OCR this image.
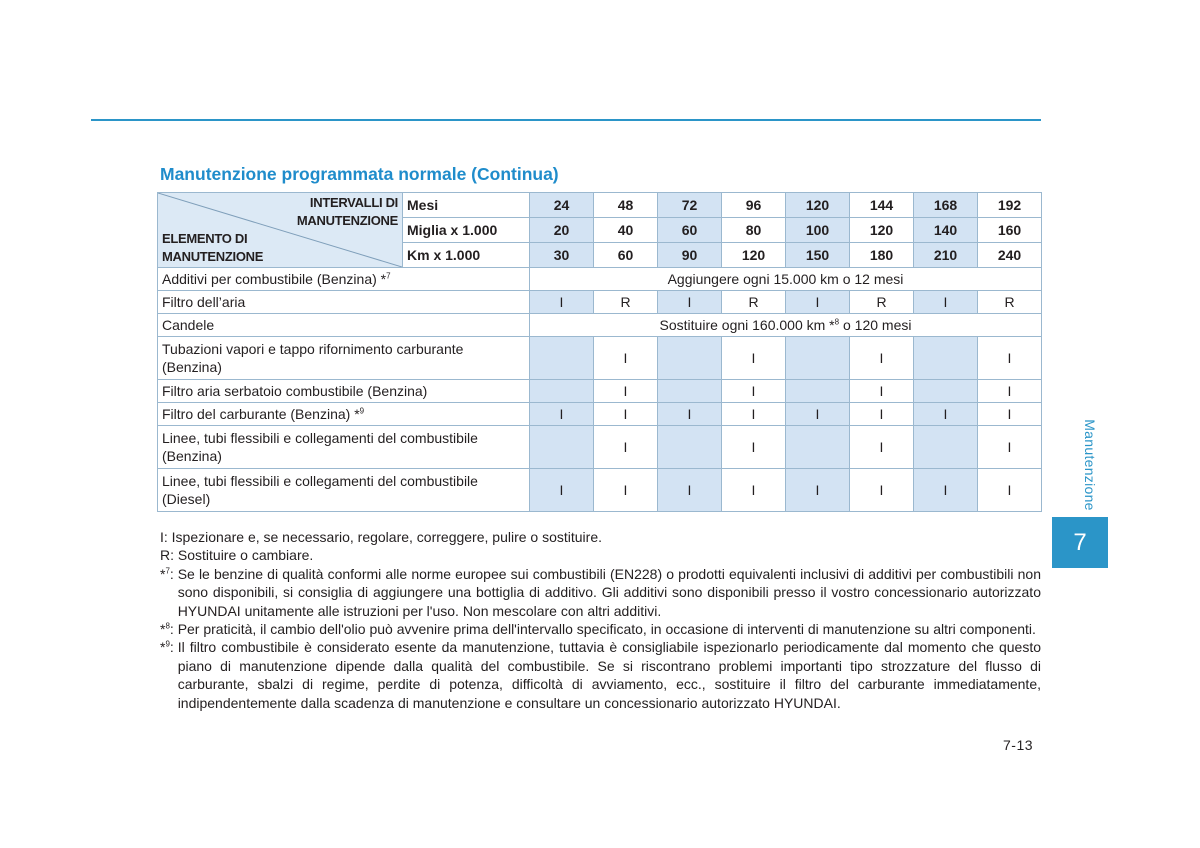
Manutenzione programmata normale (Continua)
INTERVALLI DI
MANUTENZIONE
ELEMENTO DI
MANUTENZIONE	Mesi	24	48	72	96	120	144	168	192
	Miglia x 1.000	20	40	60	80	100	120	140	160
	Km x 1.000	30	60	90	120	150	180	210	240
Additivi per combustibile (Benzina) *$^7$		Aggiungere ogni 15.000 km o 12 mesi							
Filtro dell’aria		I	R	I	R	I	R	I	R
Candele		Sostituire ogni 160.000 km *$^8$ o 120 mesi							
Tubazioni vapori e tappo rifornimento carburante (Benzina)			I		I		I		I
Filtro aria serbatoio combustibile (Benzina)			I		I		I		I
Filtro del carburante (Benzina) *$^9$		I	I	I	I	I	I	I	I
Linee, tubi flessibili e collegamenti del combustibile (Benzina)			I		I		I		I
Linee, tubi flessibili e collegamenti del combustibile (Diesel)		I	I	I	I	I	I	I	I
I: Ispezionare e, se necessario, regolare, correggere, pulire o sostituire.
R: Sostituire o cambiare.
*$^7$: Se le benzine di qualità conformi alle norme europee sui combustibili (EN228) o prodotti equivalenti inclusivi di additivi per combustibili non sono disponibili, si consiglia di aggiungere una bottiglia di additivo. Gli additivi sono disponibili presso il vostro concessionario autorizzato HYUNDAI unitamente alle istruzioni per l'uso. Non mescolare con altri additivi.
*$^8$: Per praticità, il cambio dell'olio può avvenire prima dell'intervallo specificato, in occasione di interventi di manutenzione su altri componenti.
*$^9$: Il filtro combustibile è considerato esente da manutenzione, tuttavia è consigliabile ispezionarlo periodicamente dal momento che questo piano di manutenzione dipende dalla qualità del combustibile. Se si riscontrano problemi importanti tipo strozzature del flusso di carburante, sbalzi di regime, perdite di potenza, difficoltà di avviamento, ecc., sostituire il filtro del carburante immediatamente, indipendentemente dalla scadenza di manutenzione e consultare un concessionario autorizzato HYUNDAI.
7-13
Manutenzione
7
